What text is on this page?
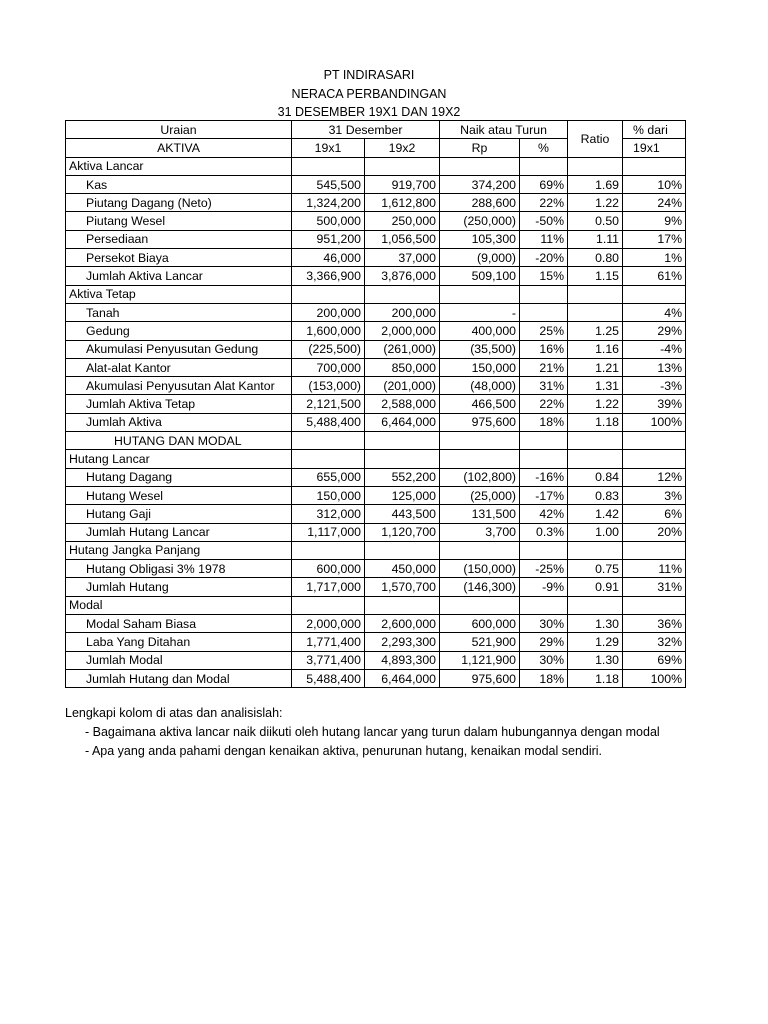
PT INDIRASARI
NERACA PERBANDINGAN
31 DESEMBER 19X1 DAN 19X2
Uraian	31 Desember		Naik atau Turun		Ratio	% dari
AKTIVA	19x1	19x2	Rp	%		19x1
Aktiva Lancar						
Kas	545,500	919,700	374,200	69%	1.69	10%
Piutang Dagang (Neto)	1,324,200	1,612,800	288,600	22%	1.22	24%
Piutang Wesel	500,000	250,000	(250,000)	-50%	0.50	9%
Persediaan	951,200	1,056,500	105,300	11%	1.11	17%
Persekot Biaya	46,000	37,000	(9,000)	-20%	0.80	1%
Jumlah Aktiva Lancar	3,366,900	3,876,000	509,100	15%	1.15	61%
Aktiva Tetap						
Tanah	200,000	200,000	-			4%
Gedung	1,600,000	2,000,000	400,000	25%	1.25	29%
Akumulasi Penyusutan Gedung	(225,500)	(261,000)	(35,500)	16%	1.16	-4%
Alat-alat Kantor	700,000	850,000	150,000	21%	1.21	13%
Akumulasi Penyusutan Alat Kantor	(153,000)	(201,000)	(48,000)	31%	1.31	-3%
Jumlah Aktiva Tetap	2,121,500	2,588,000	466,500	22%	1.22	39%
Jumlah Aktiva	5,488,400	6,464,000	975,600	18%	1.18	100%
HUTANG DAN MODAL						
Hutang Lancar						
Hutang Dagang	655,000	552,200	(102,800)	-16%	0.84	12%
Hutang Wesel	150,000	125,000	(25,000)	-17%	0.83	3%
Hutang Gaji	312,000	443,500	131,500	42%	1.42	6%
Jumlah Hutang Lancar	1,117,000	1,120,700	3,700	0.3%	1.00	20%
Hutang Jangka Panjang						
Hutang Obligasi 3% 1978	600,000	450,000	(150,000)	-25%	0.75	11%
Jumlah Hutang	1,717,000	1,570,700	(146,300)	-9%	0.91	31%
Modal						
Modal Saham Biasa	2,000,000	2,600,000	600,000	30%	1.30	36%
Laba Yang Ditahan	1,771,400	2,293,300	521,900	29%	1.29	32%
Jumlah Modal	3,771,400	4,893,300	1,121,900	30%	1.30	69%
Jumlah Hutang dan Modal	5,488,400	6,464,000	975,600	18%	1.18	100%
Lengkapi kolom di atas dan analisislah:
- Bagaimana aktiva lancar naik diikuti oleh hutang lancar yang turun dalam hubungannya dengan modal
- Apa yang anda pahami dengan kenaikan aktiva, penurunan hutang, kenaikan modal sendiri.
